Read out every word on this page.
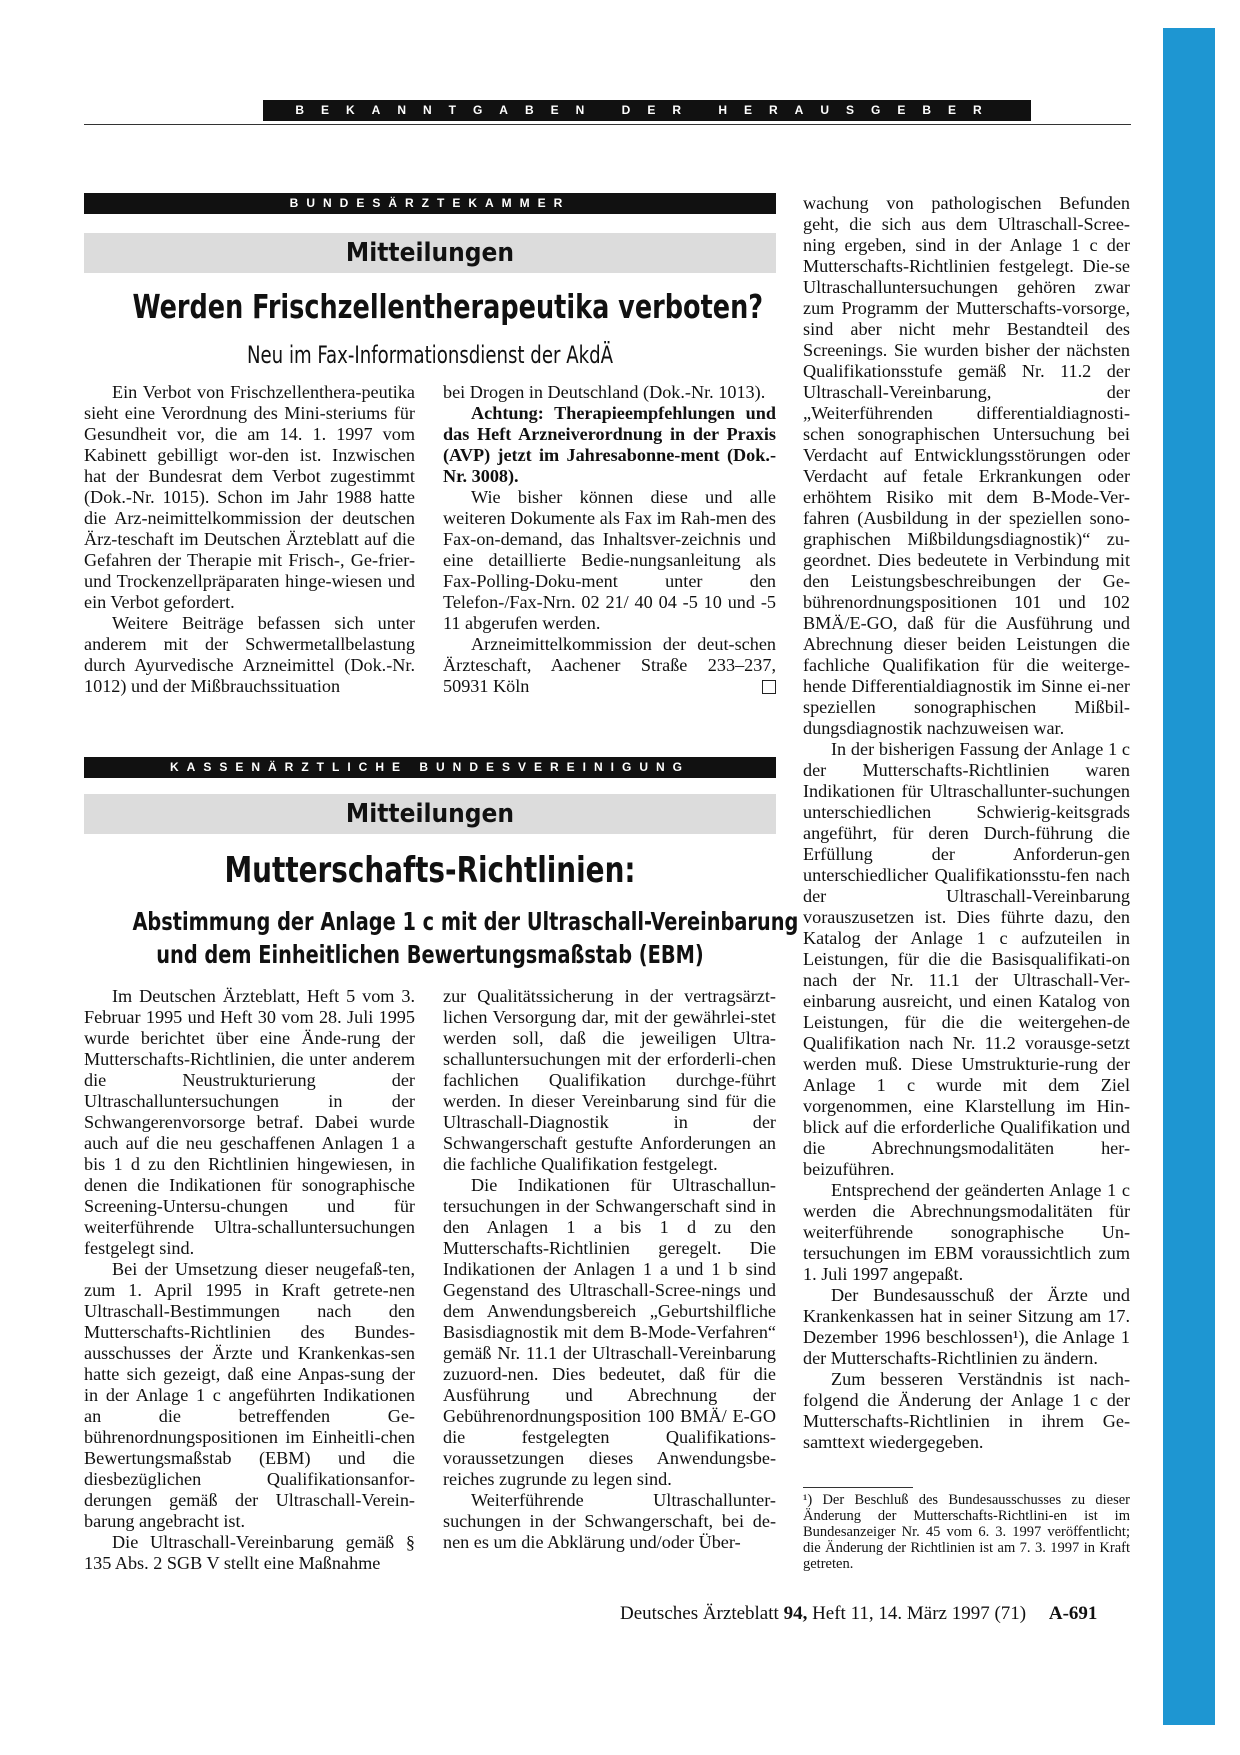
BEKANNTGABEN DER HERAUSGEBER
BUNDESÄRZTEKAMMER
Mitteilungen
Werden Frischzellentherapeutika verboten?
Neu im Fax-Informationsdienst der AkdÄ

Ein Verbot von Frischzellenthera-peutika sieht eine Verordnung des Mini-steriums für Gesundheit vor, die am 14. 1. 1997 vom Kabinett gebilligt wor-den ist. Inzwischen hat der Bundesrat dem Verbot zugestimmt (Dok.-Nr. 1015). Schon im Jahr 1988 hatte die Arz-neimittelkommission der deutschen Ärz-teschaft im Deutschen Ärzteblatt auf die Gefahren der Therapie mit Frisch-, Ge-frier- und Trockenzellpräparaten hinge-wiesen und ein Verbot gefordert.

Weitere Beiträge befassen sich unter anderem mit der Schwermetallbelastung durch Ayurvedische Arzneimittel (Dok.-Nr. 1012) und der Mißbrauchssituation

bei Drogen in Deutschland (Dok.-Nr. 1013).

Achtung: Therapieempfehlungen und das Heft Arzneiverordnung in der Praxis (AVP) jetzt im Jahresabonne-ment (Dok.-Nr. 3008).

Wie bisher können diese und alle weiteren Dokumente als Fax im Rah-men des Fax-on-demand, das Inhaltsver-zeichnis und eine detaillierte Bedie-nungsanleitung als Fax-Polling-Doku-ment unter den Telefon-/Fax-Nrn. 02 21/ 40 04 -5 10 und -5 11 abgerufen werden.

Arzneimittelkommission der deut-schen Ärzteschaft, Aachener Straße 233–237, 50931 Köln

KASSENÄRZTLICHE BUNDESVEREINIGUNG
Mitteilungen
Mutterschafts-Richtlinien:
Abstimmung der Anlage 1 c mit der Ultraschall-Vereinbarung
und dem Einheitlichen Bewertungsmaßstab (EBM)

Im Deutschen Ärzteblatt, Heft 5 vom 3. Februar 1995 und Heft 30 vom 28. Juli 1995 wurde berichtet über eine Ände-rung der Mutterschafts-Richtlinien, die unter anderem die Neustrukturierung der Ultraschalluntersuchungen in der Schwangerenvorsorge betraf. Dabei wurde auch auf die neu geschaffenen Anlagen 1 a bis 1 d zu den Richtlinien hingewiesen, in denen die Indikationen für sonographische Screening-Untersu-chungen und für weiterführende Ultra-schalluntersuchungen festgelegt sind.

Bei der Umsetzung dieser neugefaß-ten, zum 1. April 1995 in Kraft getrete-nen Ultraschall-Bestimmungen nach den Mutterschafts-Richtlinien des Bundes-ausschusses der Ärzte und Krankenkas-sen hatte sich gezeigt, daß eine Anpas-sung der in der Anlage 1 c angeführten Indikationen an die betreffenden Ge-bührenordnungspositionen im Einheitli-chen Bewertungsmaßstab (EBM) und die diesbezüglichen Qualifikationsanfor-derungen gemäß der Ultraschall-Verein-barung angebracht ist.

Die Ultraschall-Vereinbarung gemäß § 135 Abs. 2 SGB V stellt eine Maßnahme

zur Qualitätssicherung in der vertragsärzt-lichen Versorgung dar, mit der gewährlei-stet werden soll, daß die jeweiligen Ultra-schalluntersuchungen mit der erforderli-chen fachlichen Qualifikation durchge-führt werden. In dieser Vereinbarung sind für die Ultraschall-Diagnostik in der Schwangerschaft gestufte Anforderungen an die fachliche Qualifikation festgelegt.

Die Indikationen für Ultraschallun-tersuchungen in der Schwangerschaft sind in den Anlagen 1 a bis 1 d zu den Mutterschafts-Richtlinien geregelt. Die Indikationen der Anlagen 1 a und 1 b sind Gegenstand des Ultraschall-Scree-nings und dem Anwendungsbereich „Geburtshilfliche Basisdiagnostik mit dem B-Mode-Verfahren“ gemäß Nr. 11.1 der Ultraschall-Vereinbarung zuzuord-nen. Dies bedeutet, daß für die Ausführung und Abrechnung der Gebührenordnungsposition 100 BMÄ/ E-GO die festgelegten Qualifikations-voraussetzungen dieses Anwendungsbe-reiches zugrunde zu legen sind.

Weiterführende Ultraschallunter-suchungen in der Schwangerschaft, bei de-nen es um die Abklärung und/oder Über-

wachung von pathologischen Befunden geht, die sich aus dem Ultraschall-Scree-ning ergeben, sind in der Anlage 1 c der Mutterschafts-Richtlinien festgelegt. Die-se Ultraschalluntersuchungen gehören zwar zum Programm der Mutterschafts-vorsorge, sind aber nicht mehr Bestandteil des Screenings. Sie wurden bisher der nächsten Qualifikationsstufe gemäß Nr. 11.2 der Ultraschall-Vereinbarung, der „Weiterführenden differentialdiagnosti-schen sonographischen Untersuchung bei Verdacht auf Entwicklungsstörungen oder Verdacht auf fetale Erkrankungen oder erhöhtem Risiko mit dem B-Mode-Ver-fahren (Ausbildung in der speziellen sono-graphischen Mißbildungsdiagnostik)“ zu-geordnet. Dies bedeutete in Verbindung mit den Leistungsbeschreibungen der Ge-bührenordnungspositionen 101 und 102 BMÄ/E-GO, daß für die Ausführung und Abrechnung dieser beiden Leistungen die fachliche Qualifikation für die weiterge-hende Differentialdiagnostik im Sinne ei-ner speziellen sonographischen Mißbil-dungsdiagnostik nachzuweisen war.

In der bisherigen Fassung der Anlage 1 c der Mutterschafts-Richtlinien waren Indikationen für Ultraschallunter-suchungen unterschiedlichen Schwierig-keitsgrads angeführt, für deren Durch-führung die Erfüllung der Anforderun-gen unterschiedlicher Qualifikationsstu-fen nach der Ultraschall-Vereinbarung vorauszusetzen ist. Dies führte dazu, den Katalog der Anlage 1 c aufzuteilen in Leistungen, für die die Basisqualifikati-on nach der Nr. 11.1 der Ultraschall-Ver-einbarung ausreicht, und einen Katalog von Leistungen, für die die weitergehen-de Qualifikation nach Nr. 11.2 vorausge-setzt werden muß. Diese Umstrukturie-rung der Anlage 1 c wurde mit dem Ziel vorgenommen, eine Klarstellung im Hin-blick auf die erforderliche Qualifikation und die Abrechnungsmodalitäten her-beizuführen.

Entsprechend der geänderten Anlage 1 c werden die Abrechnungsmodalitäten für weiterführende sonographische Un-tersuchungen im EBM voraussichtlich zum 1. Juli 1997 angepaßt.

Der Bundesausschuß der Ärzte und Krankenkassen hat in seiner Sitzung am 17. Dezember 1996 beschlossen¹), die Anlage 1 der Mutterschafts-Richtlinien zu ändern.

Zum besseren Verständnis ist nach-folgend die Änderung der Anlage 1 c der Mutterschafts-Richtlinien in ihrem Ge-samttext wiedergegeben.

¹) Der Beschluß des Bundesausschusses zu dieser Änderung der Mutterschafts-Richtlini-en ist im Bundesanzeiger Nr. 45 vom 6. 3. 1997 veröffentlicht; die Änderung der Richtlinien ist am 7. 3. 1997 in Kraft getreten.
Deutsches Ärzteblatt 94, Heft 11, 14. März 1997 (71) A-691
